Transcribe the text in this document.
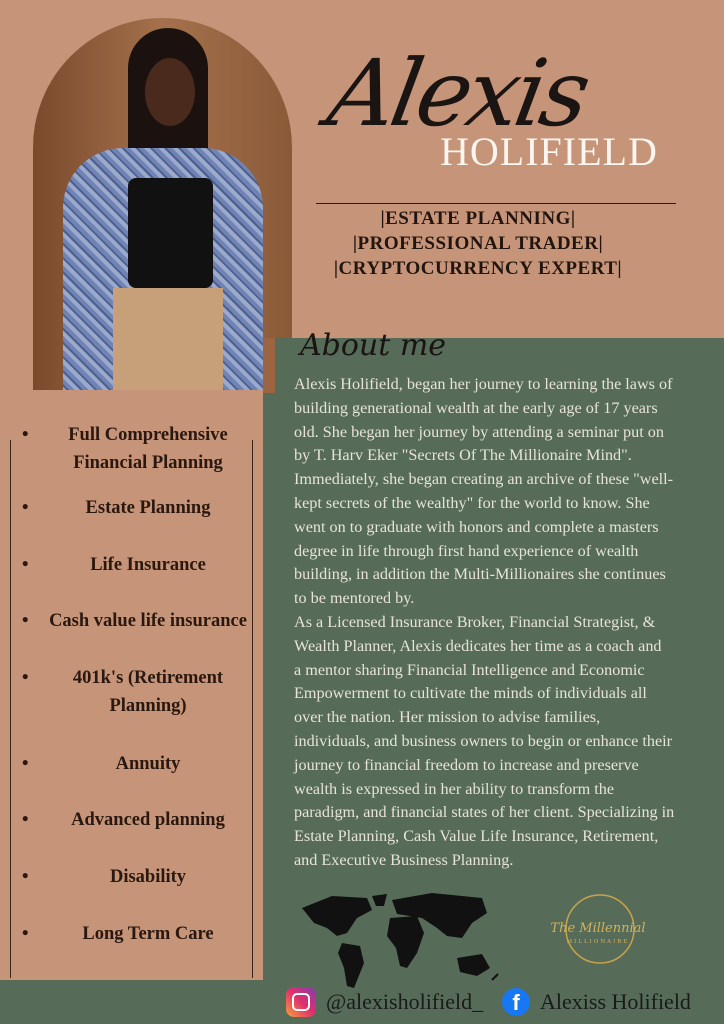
Alexis
HOLIFIELD
|ESTATE PLANNING|
|PROFESSIONAL TRADER|
|CRYPTOCURRENCY EXPERT|
About me
Alexis Holifield, began her journey to learning the laws of
building generational wealth at the early age of 17 years
old. She began her journey by attending a seminar put on
by T. Harv Eker "Secrets Of The Millionaire Mind".
Immediately, she began creating an archive of these "well-
kept secrets of the wealthy" for the world to know. She
went on to graduate with honors and complete a masters
degree in life through first hand experience of wealth
building, in addition the Multi-Millionaires she continues
to be mentored by.
As a Licensed Insurance Broker, Financial Strategist, &
Wealth Planner, Alexis dedicates her time as a coach and
a mentor sharing Financial Intelligence and Economic
Empowerment to cultivate the minds of individuals all
over the nation. Her mission to advise families,
individuals, and business owners to begin or enhance their
journey to financial freedom to increase and preserve
wealth is expressed in her ability to transform the
paradigm, and financial states of her client. Specializing in
Estate Planning, Cash Value Life Insurance, Retirement,
and Executive Business Planning.
•	Full Comprehensive Financial Planning
•	Estate Planning
•	Life Insurance
•	Cash value life insurance
•	401k's (Retirement Planning)
•	Annuity
•	Advanced planning
•	Disability
•	Long Term Care	The Millennial
MILLIONAIRE
@alexisholifield_	f Alexiss Holifield
